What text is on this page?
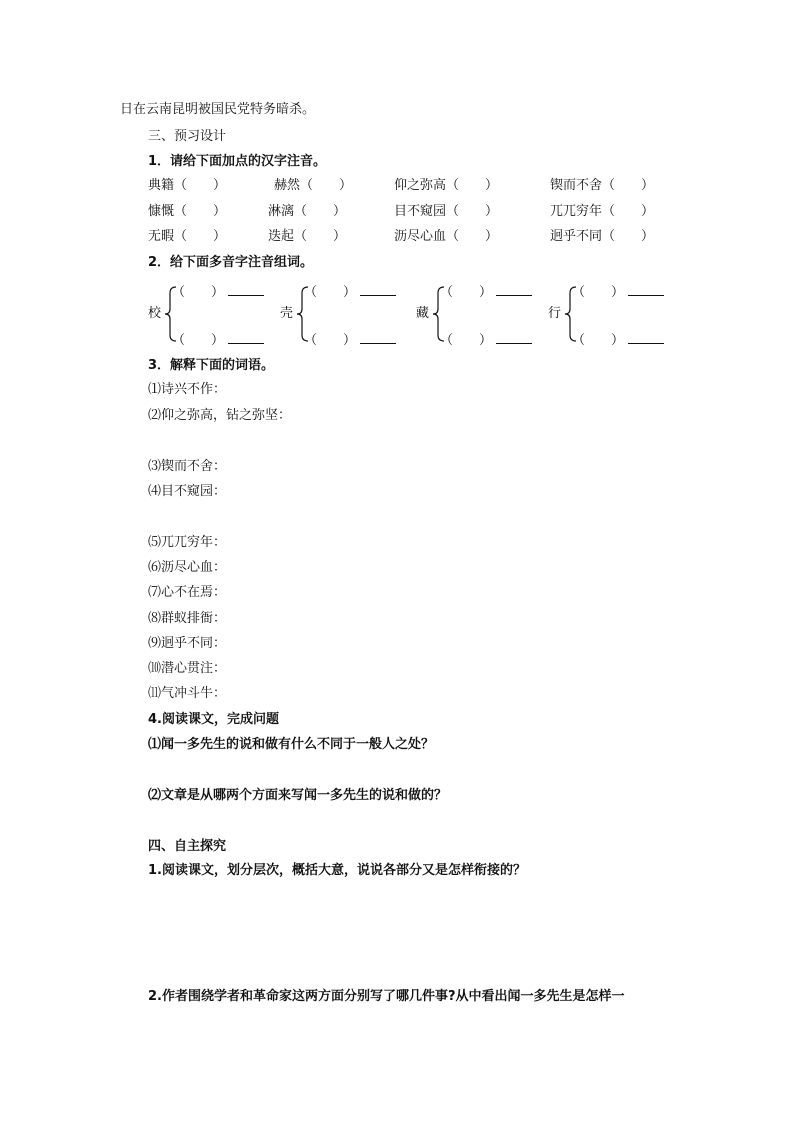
日在云南昆明被国民党特务暗杀。
三、预习设计
1．请给下面加点的汉字注音。
典籍（　　）	赫然（　　）	仰之弥高（　　）	锲而不舍（　　）
慷慨（　　）	淋漓（　　）	目不窥园（　　）	兀兀穷年（　　）
无暇（　　）	迭起（　　）	沥尽心血（　　）	迥乎不同（　　）
2．给下面多音字注音组词。
校
（　　）
（　　）
壳
（　　）
（　　）
藏
（　　）
（　　）
行
（　　）
（　　）
3．解释下面的词语。
⑴诗兴不作：
⑵仰之弥高，钻之弥坚：
⑶锲而不舍：
⑷目不窥园：
⑸兀兀穷年：
⑹沥尽心血：
⑺心不在焉：
⑻群蚁排衙：
⑼迥乎不同：
⑽潜心贯注：
⑾气冲斗牛：
4.阅读课文，完成问题
⑴闻一多先生的说和做有什么不同于一般人之处？
⑵文章是从哪两个方面来写闻一多先生的说和做的？
四、自主探究
1.阅读课文，划分层次，概括大意，说说各部分又是怎样衔接的？
2.作者围绕学者和革命家这两方面分别写了哪几件事?从中看出闻一多先生是怎样一
